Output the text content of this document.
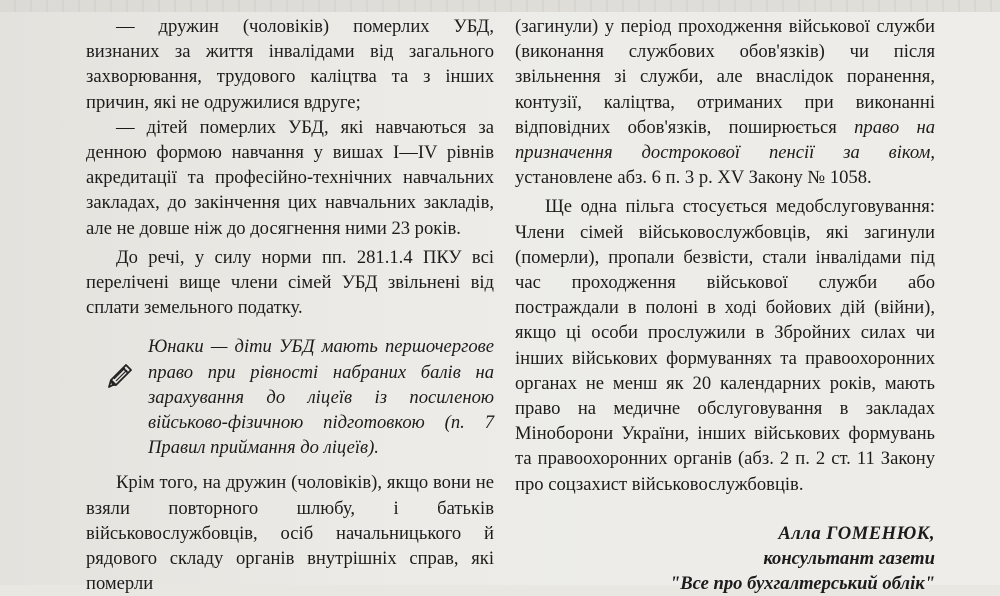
— дружин (чоловіків) померлих УБД, визнаних за життя інвалідами від загального захворювання, трудового каліцтва та з інших причин, які не одружилися вдруге;

— дітей померлих УБД, які навчаються за денною формою навчання у вишах I—IV рівнів акредитації та професійно-технічних навчальних закладах, до закінчення цих навчальних закладів, але не довше ніж до досягнення ними 23 років.

До речі, у силу норми пп. 281.1.4 ПКУ всі перелічені вище члени сімей УБД звільнені від сплати земельного податку.

Юнаки — діти УБД мають першочергове право при рівності набраних балів на зарахування до ліцеїв із посиленою військово-фізичною підготовкою (п. 7 Правил приймання до ліцеїв).

Крім того, на дружин (чоловіків), якщо вони не взяли повторного шлюбу, і батьків військовослужбовців, осіб начальницького й рядового складу органів внутрішніх справ, які померли

(загинули) у період проходження військової служби (виконання службових обов'язків) чи після звільнення зі служби, але внаслідок поранення, контузії, каліцтва, отриманих при виконанні відповідних обов'язків, поширюється право на призначення дострокової пенсії за віком, установлене абз. 6 п. 3 р. XV Закону № 1058.

Ще одна пільга стосується медобслуговування: Члени сімей військовослужбовців, які загинули (померли), пропали безвісти, стали інвалідами під час проходження військової служби або постраждали в полоні в ході бойових дій (війни), якщо ці особи прослужили в Збройних силах чи інших військових формуваннях та правоохоронних органах не менш як 20 календарних років, мають право на медичне обслуговування в закладах Міноборони України, інших військових формувань та правоохоронних органів (абз. 2 п. 2 ст. 11 Закону про соцзахист військовослужбовців.

Алла ГОМЕНЮК,
консультант газети
"Все про бухгалтерський облік"
